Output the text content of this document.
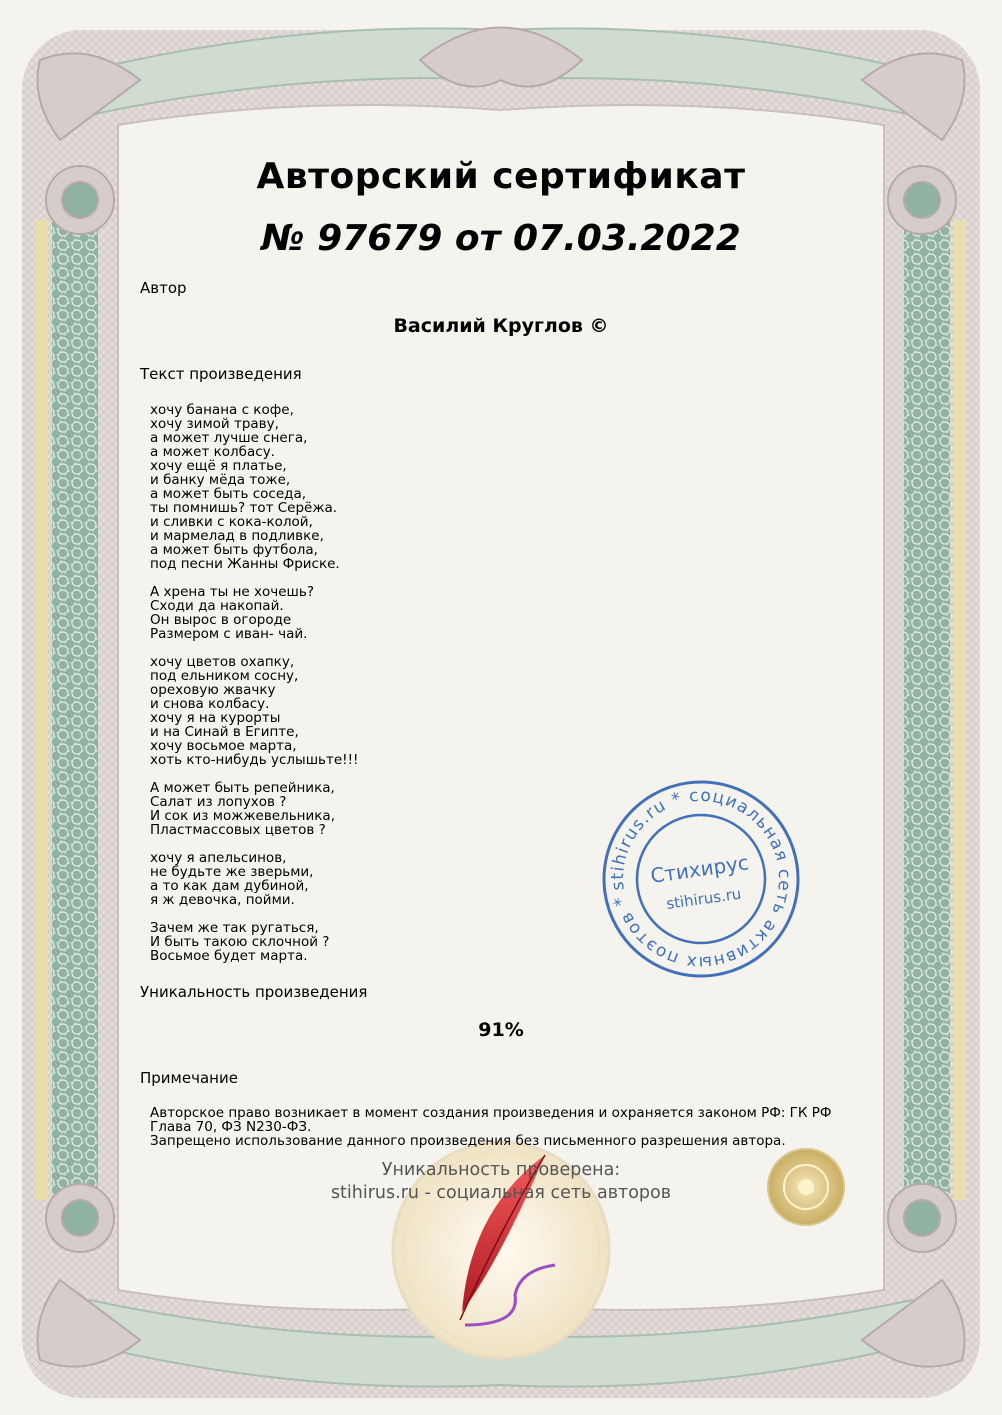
Авторский сертификат
№ 97679 от 07.03.2022
Автор
Василий Круглов ©
Текст произведения
хочу банана с кофе,
хочу зимой траву,
а может лучше снега,
а может колбасу.
хочу ещё я платье,
и банку мёда тоже,
а может быть соседа,
ты помнишь? тот Серёжа.
и сливки с кока-колой,
и мармелад в подливке,
а может быть футбола,
под песни Жанны Фриске.

А хрена ты не хочешь?
Сходи да накопай.
Он вырос в огороде
Размером с иван- чай.

хочу цветов охапку,
под ельником сосну,
ореховую жвачку
и снова колбасу.
хочу я на курорты
и на Синай в Египте,
хочу восьмое марта,
хоть кто-нибудь услышьте!!!

А может быть репейника,
Салат из лопухов ?
И сок из можжевельника,
Пластмассовых цветов ?

хочу я апельсинов,
не будьте же зверьми,
а то как дам дубиной,
я ж девочка, пойми.

Зачем же так ругаться,
И быть такою склочной ?
Восьмое будет марта.
Уникальность произведения
91%
Примечание

Авторское право возникает в момент создания произведения и охраняется законом РФ: ГК РФ Глава 70, ФЗ N230-ФЗ.

Запрещено использование данного произведения без письменного разрешения автора.

Уникальность проверена:
stihirus.ru - социальная сеть авторов
stihirus.ru * социальная сеть активных поэтов *
Стихирус
stihirus.ru
